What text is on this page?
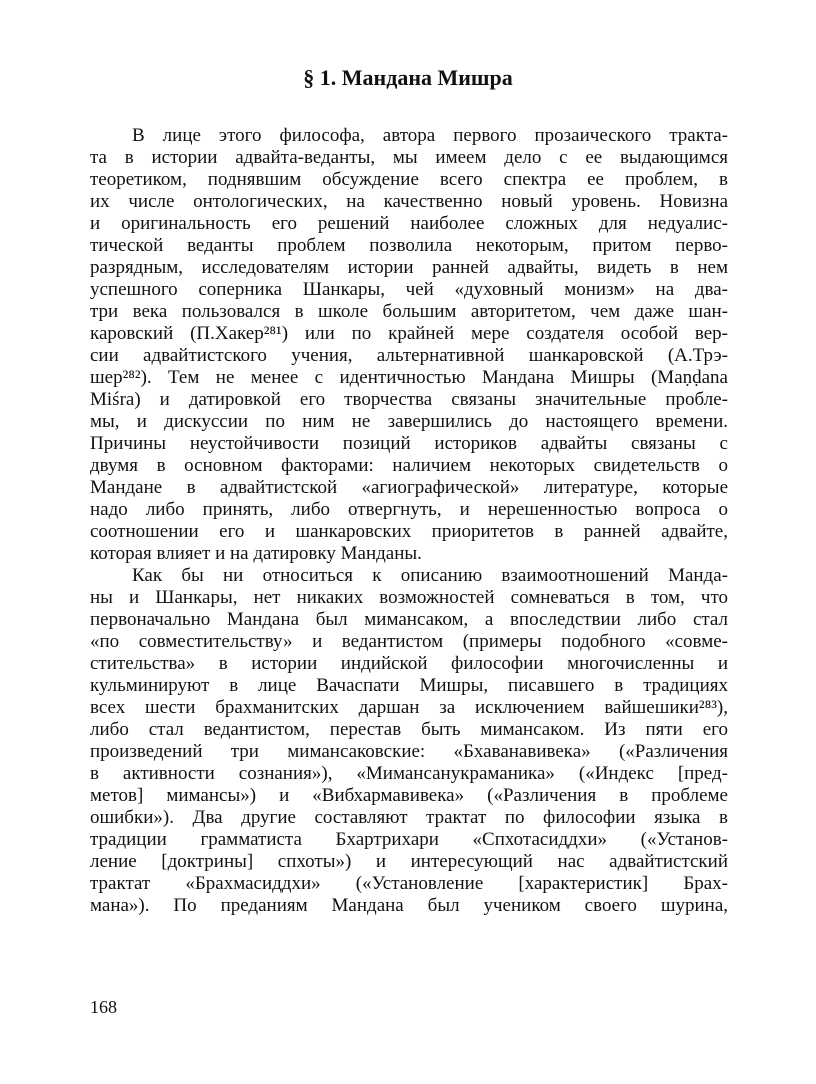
§ 1. Мандана Мишра
В лице этого философа, автора первого прозаического тракта-
та в истории адвайта-веданты, мы имеем дело с ее выдающимся
теоретиком, поднявшим обсуждение всего спектра ее проблем, в
их числе онтологических, на качественно новый уровень. Новизна
и оригинальность его решений наиболее сложных для недуалис-
тической веданты проблем позволила некоторым, притом перво-
разрядным, исследователям истории ранней адвайты, видеть в нем
успешного соперника Шанкары, чей «духовный монизм» на два-
три века пользовался в школе большим авторитетом, чем даже шан-
каровский (П.Хакер²⁸¹) или по крайней мере создателя особой вер-
сии адвайтистского учения, альтернативной шанкаровской (А.Трэ-
шер²⁸²). Тем не менее с идентичностью Мандана Мишры (Maṇḍana
Miśra) и датировкой его творчества связаны значительные пробле-
мы, и дискуссии по ним не завершились до настоящего времени.
Причины неустойчивости позиций историков адвайты связаны с
двумя в основном факторами: наличием некоторых свидетельств о
Мандане в адвайтистской «агиографической» литературе, которые
надо либо принять, либо отвергнуть, и нерешенностью вопроса о
соотношении его и шанкаровских приоритетов в ранней адвайте,
которая влияет и на датировку Манданы.
Как бы ни относиться к описанию взаимоотношений Манда-
ны и Шанкары, нет никаких возможностей сомневаться в том, что
первоначально Мандана был мимансаком, а впоследствии либо стал
«по совместительству» и ведантистом (примеры подобного «совме-
стительства» в истории индийской философии многочисленны и
кульминируют в лице Вачаспати Мишры, писавшего в традициях
всех шести брахманитских даршан за исключением вайшешики²⁸³),
либо стал ведантистом, перестав быть мимансаком. Из пяти его
произведений три мимансаковские: «Бхаванавивека» («Различения
в активности сознания»), «Мимансанукраманика» («Индекс [пред-
метов] мимансы») и «Вибхармавивека» («Различения в проблеме
ошибки»). Два другие составляют трактат по философии языка в
традиции грамматиста Бхартрихари «Спхотасиддхи» («Установ-
ление [доктрины] спхоты») и интересующий нас адвайтистский
трактат «Брахмасиддхи» («Установление [характеристик] Брах-
мана»). По преданиям Мандана был учеником своего шурина,
168
